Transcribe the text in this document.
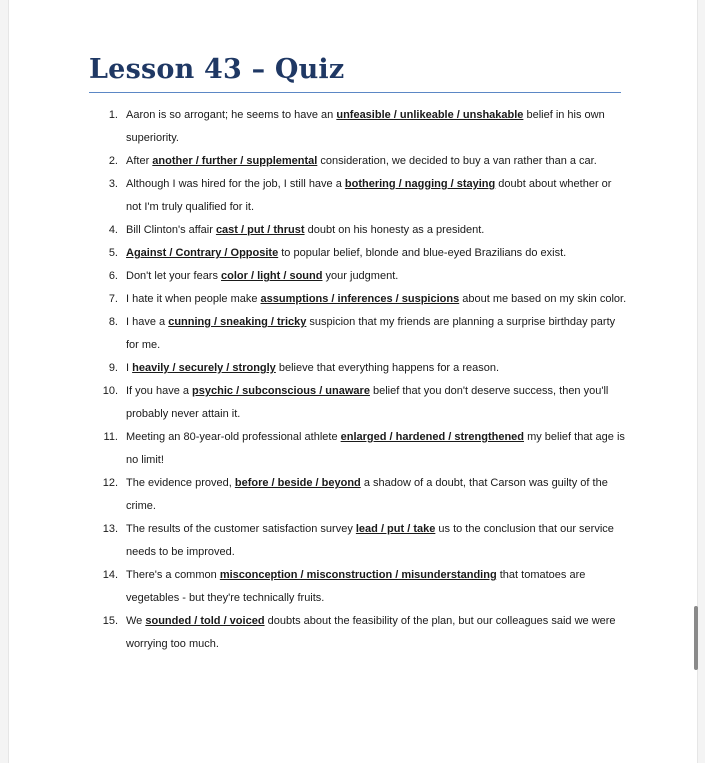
Lesson 43 – Quiz
1. Aaron is so arrogant; he seems to have an unfeasible / unlikeable / unshakable belief in his own superiority.
2. After another / further / supplemental consideration, we decided to buy a van rather than a car.
3. Although I was hired for the job, I still have a bothering / nagging / staying doubt about whether or not I'm truly qualified for it.
4. Bill Clinton's affair cast / put / thrust doubt on his honesty as a president.
5. Against / Contrary / Opposite to popular belief, blonde and blue-eyed Brazilians do exist.
6. Don't let your fears color / light / sound your judgment.
7. I hate it when people make assumptions / inferences / suspicions about me based on my skin color.
8. I have a cunning / sneaking / tricky suspicion that my friends are planning a surprise birthday party for me.
9. I heavily / securely / strongly believe that everything happens for a reason.
10. If you have a psychic / subconscious / unaware belief that you don't deserve success, then you'll probably never attain it.
11. Meeting an 80-year-old professional athlete enlarged / hardened / strengthened my belief that age is no limit!
12. The evidence proved, before / beside / beyond a shadow of a doubt, that Carson was guilty of the crime.
13. The results of the customer satisfaction survey lead / put / take us to the conclusion that our service needs to be improved.
14. There's a common misconception / misconstruction / misunderstanding that tomatoes are vegetables - but they're technically fruits.
15. We sounded / told / voiced doubts about the feasibility of the plan, but our colleagues said we were worrying too much.
